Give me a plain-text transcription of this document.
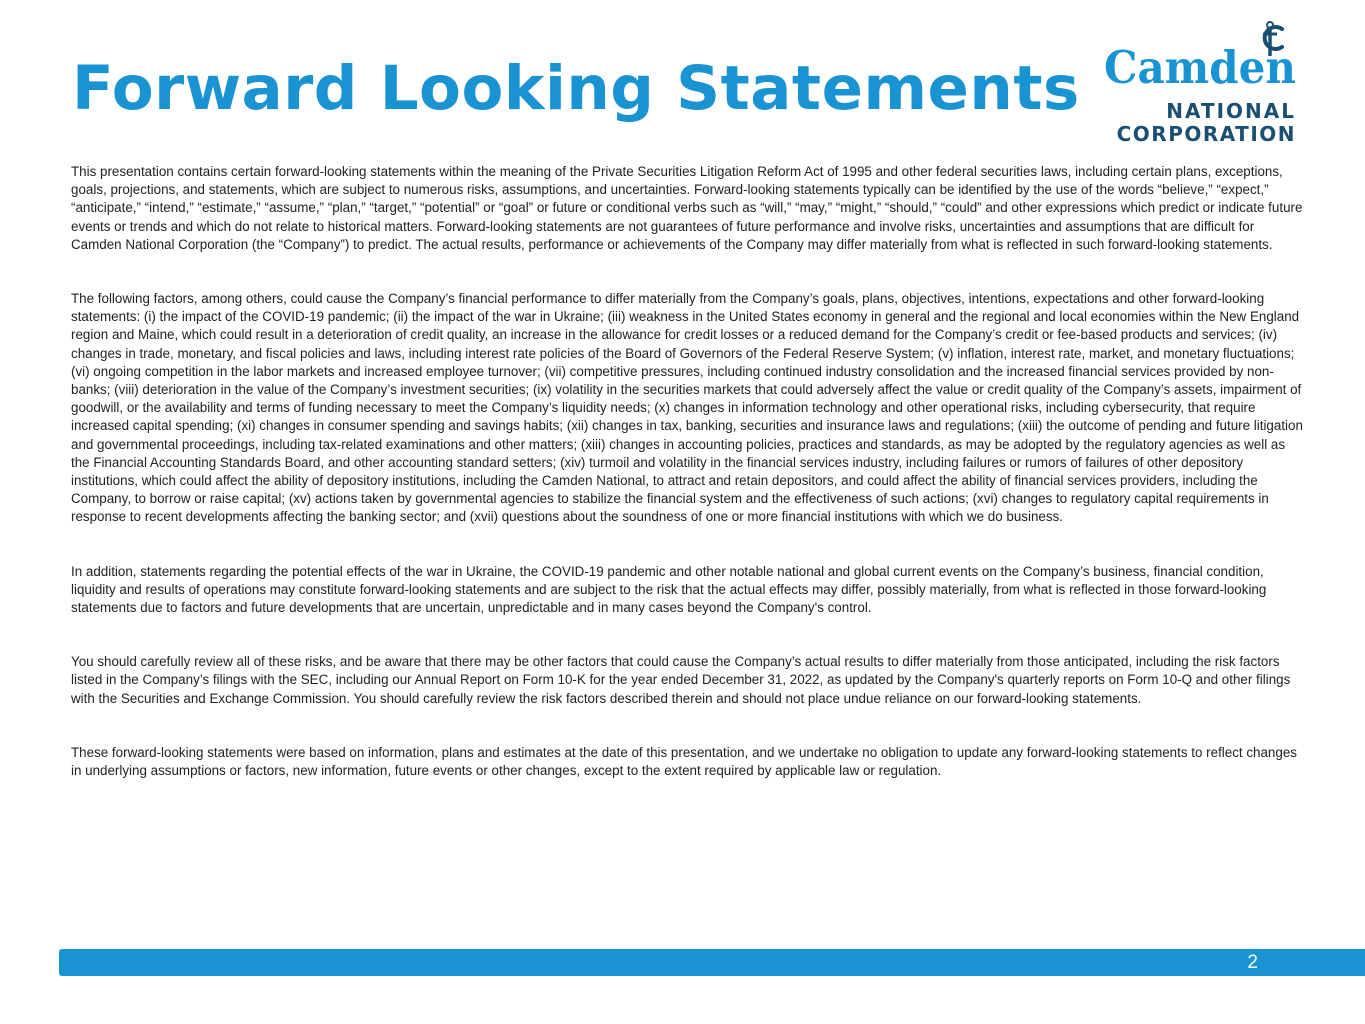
Forward Looking Statements Camden
NATIONAL
CORPORATION

This presentation contains certain forward-looking statements within the meaning of the Private Securities Litigation Reform Act of 1995 and other federal securities laws, including certain plans, exceptions, goals, projections, and statements, which are subject to numerous risks, assumptions, and uncertainties. Forward-looking statements typically can be identified by the use of the words “believe,” “expect,” “anticipate,” “intend,” “estimate,” “assume,” “plan,” “target,” “potential” or “goal” or future or conditional verbs such as “will,” “may,” “might,” “should,” “could” and other expressions which predict or indicate future events or trends and which do not relate to historical matters. Forward-looking statements are not guarantees of future performance and involve risks, uncertainties and assumptions that are difficult for Camden National Corporation (the “Company”) to predict. The actual results, performance or achievements of the Company may differ materially from what is reflected in such forward-looking statements.

The following factors, among others, could cause the Company’s financial performance to differ materially from the Company’s goals, plans, objectives, intentions, expectations and other forward-looking statements: (i) the impact of the COVID-19 pandemic; (ii) the impact of the war in Ukraine; (iii) weakness in the United States economy in general and the regional and local economies within the New England region and Maine, which could result in a deterioration of credit quality, an increase in the allowance for credit losses or a reduced demand for the Company’s credit or fee-based products and services; (iv) changes in trade, monetary, and fiscal policies and laws, including interest rate policies of the Board of Governors of the Federal Reserve System; (v) inflation, interest rate, market, and monetary fluctuations; (vi) ongoing competition in the labor markets and increased employee turnover; (vii) competitive pressures, including continued industry consolidation and the increased financial services provided by non-banks; (viii) deterioration in the value of the Company’s investment securities; (ix) volatility in the securities markets that could adversely affect the value or credit quality of the Company’s assets, impairment of goodwill, or the availability and terms of funding necessary to meet the Company’s liquidity needs; (x) changes in information technology and other operational risks, including cybersecurity, that require increased capital spending; (xi) changes in consumer spending and savings habits; (xii) changes in tax, banking, securities and insurance laws and regulations; (xiii) the outcome of pending and future litigation and governmental proceedings, including tax-related examinations and other matters; (xiii) changes in accounting policies, practices and standards, as may be adopted by the regulatory agencies as well as the Financial Accounting Standards Board, and other accounting standard setters; (xiv) turmoil and volatility in the financial services industry, including failures or rumors of failures of other depository institutions, which could affect the ability of depository institutions, including the Camden National, to attract and retain depositors, and could affect the ability of financial services providers, including the Company, to borrow or raise capital; (xv) actions taken by governmental agencies to stabilize the financial system and the effectiveness of such actions; (xvi) changes to regulatory capital requirements in response to recent developments affecting the banking sector; and (xvii) questions about the soundness of one or more financial institutions with which we do business.

In addition, statements regarding the potential effects of the war in Ukraine, the COVID-19 pandemic and other notable national and global current events on the Company’s business, financial condition, liquidity and results of operations may constitute forward-looking statements and are subject to the risk that the actual effects may differ, possibly materially, from what is reflected in those forward-looking statements due to factors and future developments that are uncertain, unpredictable and in many cases beyond the Company's control.

You should carefully review all of these risks, and be aware that there may be other factors that could cause the Company’s actual results to differ materially from those anticipated, including the risk factors listed in the Company’s filings with the SEC, including our Annual Report on Form 10-K for the year ended December 31, 2022, as updated by the Company's quarterly reports on Form 10-Q and other filings with the Securities and Exchange Commission. You should carefully review the risk factors described therein and should not place undue reliance on our forward-looking statements.

These forward-looking statements were based on information, plans and estimates at the date of this presentation, and we undertake no obligation to update any forward-looking statements to reflect changes in underlying assumptions or factors, new information, future events or other changes, except to the extent required by applicable law or regulation.

2
